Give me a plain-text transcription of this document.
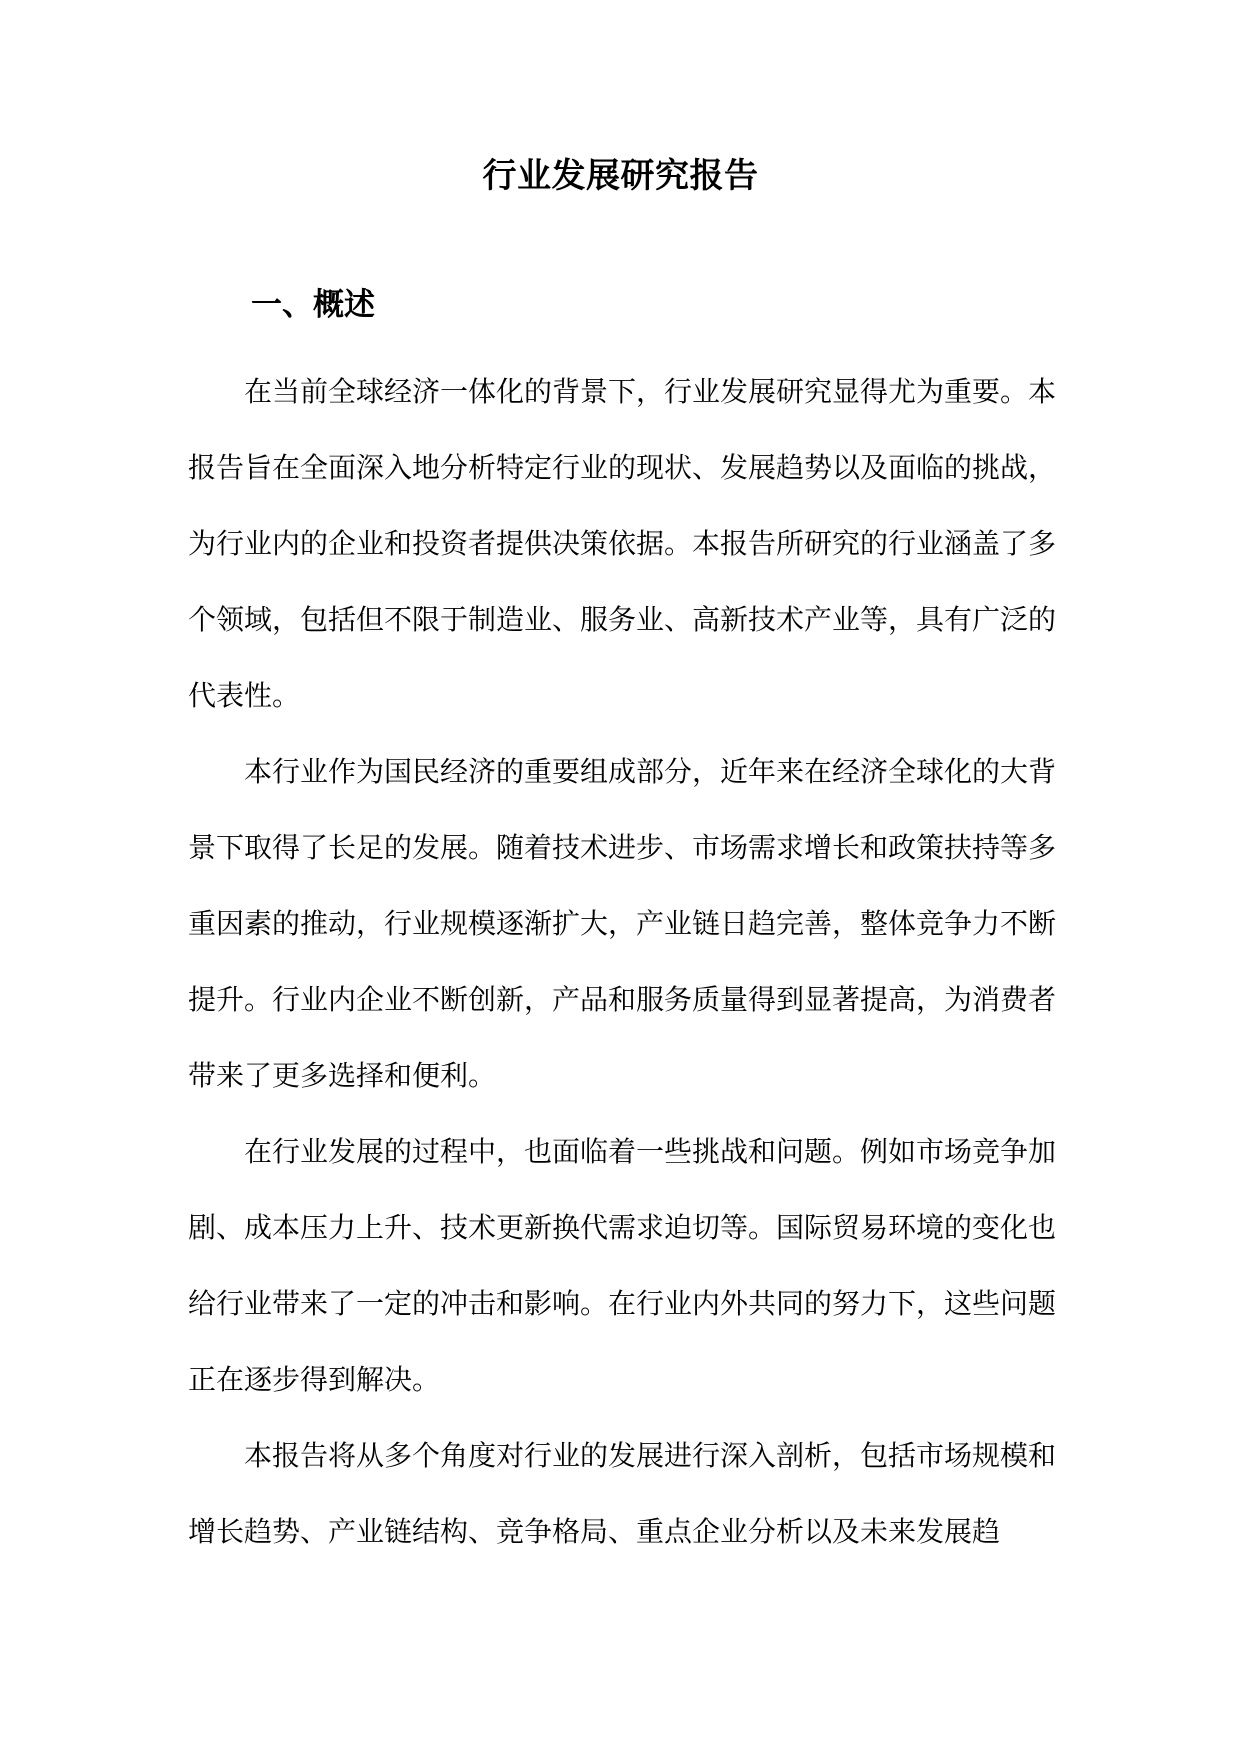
行业发展研究报告
一、概述

在当前全球经济一体化的背景下，行业发展研究显得尤为重要。本报告旨在全面深入地分析特定行业的现状、发展趋势以及面临的挑战，为行业内的企业和投资者提供决策依据。本报告所研究的行业涵盖了多个领域，包括但不限于制造业、服务业、高新技术产业等，具有广泛的代表性。

本行业作为国民经济的重要组成部分，近年来在经济全球化的大背景下取得了长足的发展。随着技术进步、市场需求增长和政策扶持等多重因素的推动，行业规模逐渐扩大，产业链日趋完善，整体竞争力不断提升。行业内企业不断创新，产品和服务质量得到显著提高，为消费者带来了更多选择和便利。

在行业发展的过程中，也面临着一些挑战和问题。例如市场竞争加剧、成本压力上升、技术更新换代需求迫切等。国际贸易环境的变化也给行业带来了一定的冲击和影响。在行业内外共同的努力下，这些问题正在逐步得到解决。

本报告将从多个角度对行业的发展进行深入剖析，包括市场规模和增长趋势、产业链结构、竞争格局、重点企业分析以及未来发展趋
